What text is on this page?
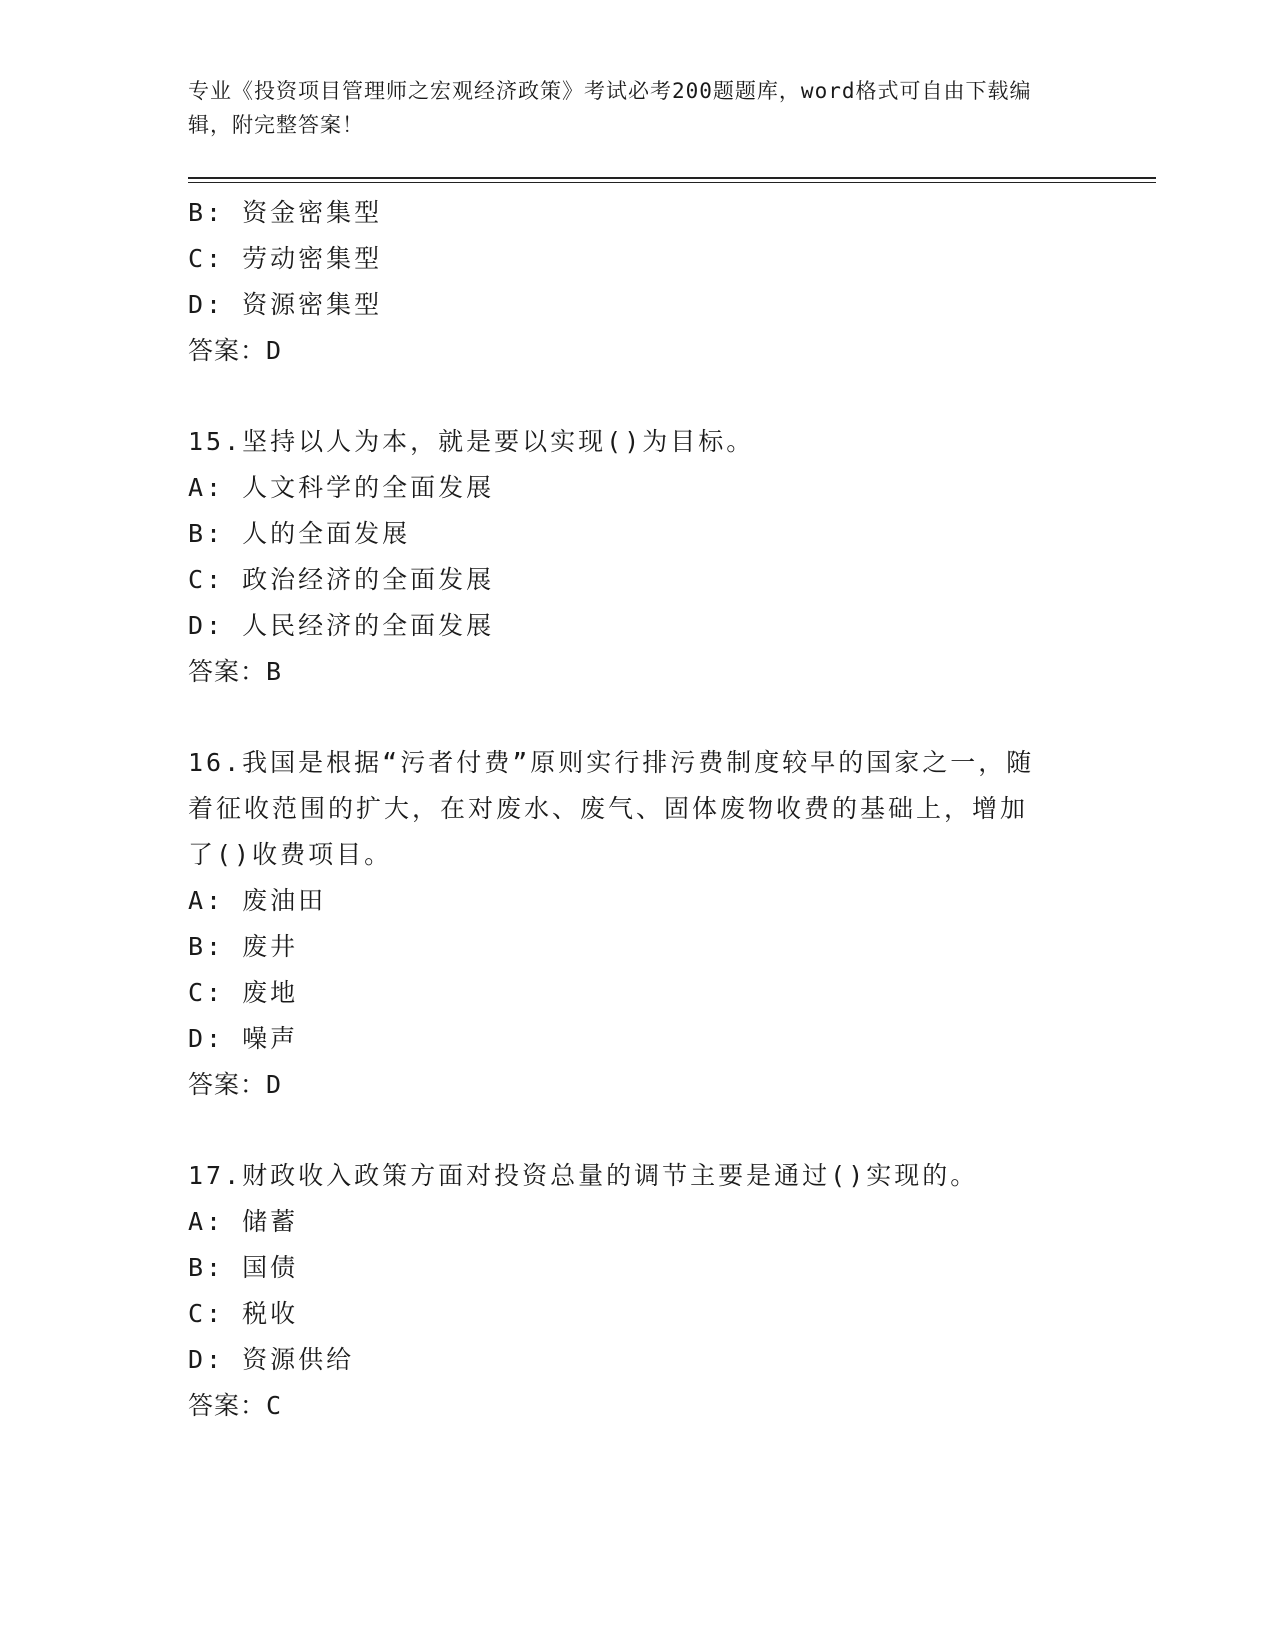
专业《投资项目管理师之宏观经济政策》考试必考200题题库，word格式可自由下载编辑，附完整答案！
B: 资金密集型
C: 劳动密集型
D: 资源密集型
答案：D
15.坚持以人为本，就是要以实现()为目标。
A: 人文科学的全面发展
B: 人的全面发展
C: 政治经济的全面发展
D: 人民经济的全面发展
答案：B
16.我国是根据“污者付费”原则实行排污费制度较早的国家之一，随
着征收范围的扩大，在对废水、废气、固体废物收费的基础上，增加
了()收费项目。
A: 废油田
B: 废井
C: 废地
D: 噪声
答案：D
17.财政收入政策方面对投资总量的调节主要是通过()实现的。
A: 储蓄
B: 国债
C: 税收
D: 资源供给
答案：C
